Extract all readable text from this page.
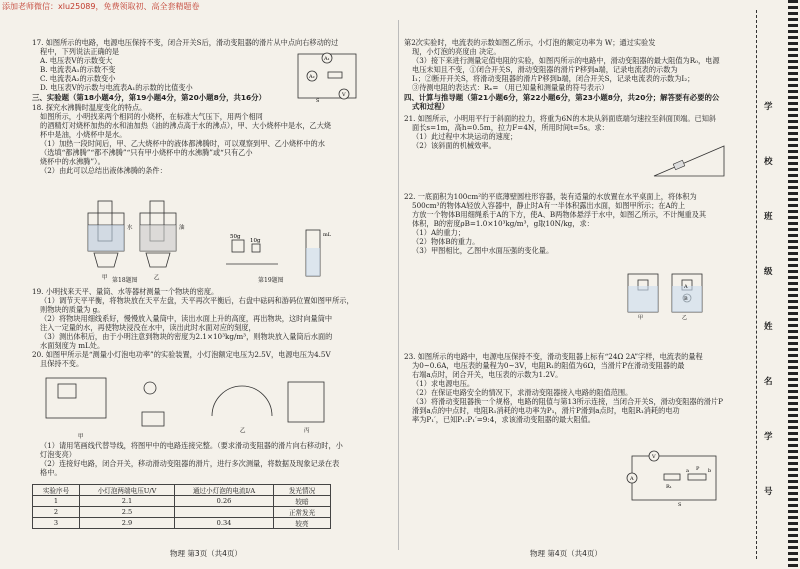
添加老师微信：xlu25089，免费领取初、高全套精题卷
17. 如图所示的电路，电源电压保持不变，闭合开关S后，滑动变阻器的滑片从中点向右移动的过
程中，下列说法正确的是
A. 电压表V的示数变大
B. 电流表A₁的示数不变
C. 电流表A₂的示数变小
D. 电压表V的示数与电流表A₁的示数的比值变小
三、实验题（第18小题4分，第19小题4分，第20小题8分，共16分）
18. 探究水沸腾时温度变化的特点。
如图所示，小明找来两个相同的小烧杯，在标准大气压下，用两个相同
的酒精灯对烧杯加热的水和油加热（油的沸点高于水的沸点），甲、大小烧杯中是水，乙大烧
杯中是油，小烧杯中是水。
（1）加热一段时间后，甲、乙大烧杯中的液体都沸腾时，可以观察到甲、乙小烧杯中的水
（选填“都沸腾”“都不沸腾”“只有甲小烧杯中的水沸腾”或“只有乙小
烧杯中的水沸腾”）。
（2）由此可以总结出液体沸腾的条件：
19. 小明找来天平、量筒、水等器材测量一个物块的密度。
（1）调节天平平衡，将物块放在天平左盘，天平再次平衡后，右盘中砝码和游码位置如图甲所示，
则物块的质量为 g。
（2）将物块用细线系好，慢慢放入量筒中，读出水面上升的高度，再出物块，这时向量筒中
注入一定量的水，再使物块浸没在水中，读出此时水面对应的刻度，
（3）测出体积后，由于小明注意到物块的密度为2.1×10³kg/m³，则物块放入量筒后水面的
水面刻度为 mL处。
20. 如图甲所示是“测量小灯泡电功率”的实验装置，小灯泡额定电压为2.5V，电源电压为4.5V
且保持不变。
（1）请用笔画线代替导线，将图甲中的电路连接完整。（要求滑动变阻器的滑片向右移动时，小
灯泡变亮）
（2）连接好电路，闭合开关，移动滑动变阻器的滑片，进行多次测量，将数据及现象记录在表
格中。
第2次实验时，电流表的示数如图乙所示，小灯泡的额定功率为 W；通过实验发
现，小灯泡的亮度由 决定。
（3）接下来进行测量定值电阻的实验，如图丙所示的电路中，滑动变阻器的最大阻值为R₀，电源
电压未知且不变，①闭合开关S，滑动变阻器的滑片P移到a端，记录电流表的示数为
I₁；②断开开关S，将滑动变阻器的滑片P移到b端，闭合开关S，记录电流表的示数为I₂；
③待测电阻的表达式：Rₓ= （用已知量和测量量的符号表示）
四、计算与推导题（第21小题6分，第22小题6分，第23小题8分，共20分；解答要有必要的公
式和过程）
21. 如图所示，小明用平行于斜面的拉力，将重为6N的木块从斜面底端匀速拉至斜面顶端。已知斜
面长s=1m，高h=0.5m，拉力F=4N，所用时间t=5s。求：
（1）此过程中木块运动的速度；
（2）该斜面的机械效率。
22. 一底面积为100cm²的平底薄壁圆柱形容器，装有适量的水放置在水平桌面上，将体积为
500cm³的物体A轻放入容器中，静止时A有一半体积露出水面，如图甲所示；在A的上
方放一个物体B用细绳系于A的下方，使A、B两物体悬浮于水中，如图乙所示，不计绳重及其
体积，B的密度ρB=1.0×10³kg/m³，g取10N/kg，求：
（1）A的重力；
（2）物体B的重力。
（3）甲图相比，乙图中水面压强的变化量。
23. 如图所示的电路中，电源电压保持不变，滑动变阻器上标有“24Ω 2A”字样，电流表的量程
为0~0.6A，电压表的量程为0~3V，电阻R₁的阻值为6Ω，当滑片P在滑动变阻器的最
右端a点时，闭合开关，电压表的示数为1.2V。
（1）求电源电压。
（2）在保证电路安全的情况下，求滑动变阻器接入电路的阻值范围。
（3）将滑动变阻器换一个规格，电路的阻值与第13所示连接，当闭合开关S，滑动变阻器的滑片P
滑到a点的中点时，电阻R₁消耗的电功率为P₁，滑片P滑到a点时，电阻R₁消耗的电功
率为P₁′，已知P₁:P₁′=9:4，求该滑动变阻器的最大阻值。
A₁
A₂
V
S
水	油
甲	乙
第18题图
50g
10g
mL
第19题图
甲
乙	丙
实验序号	小灯泡两端电压U/V	通过小灯泡的电流I/A	发光情况
1	2.1	0.26	较暗
2	2.5		正常发光
3	2.9	0.34	较亮
A
B
甲	乙
V
A
R₁
P
a	b
S
学
校
班
级
姓
名
学
号
物理 第3页（共4页）	物理 第4页（共4页）
